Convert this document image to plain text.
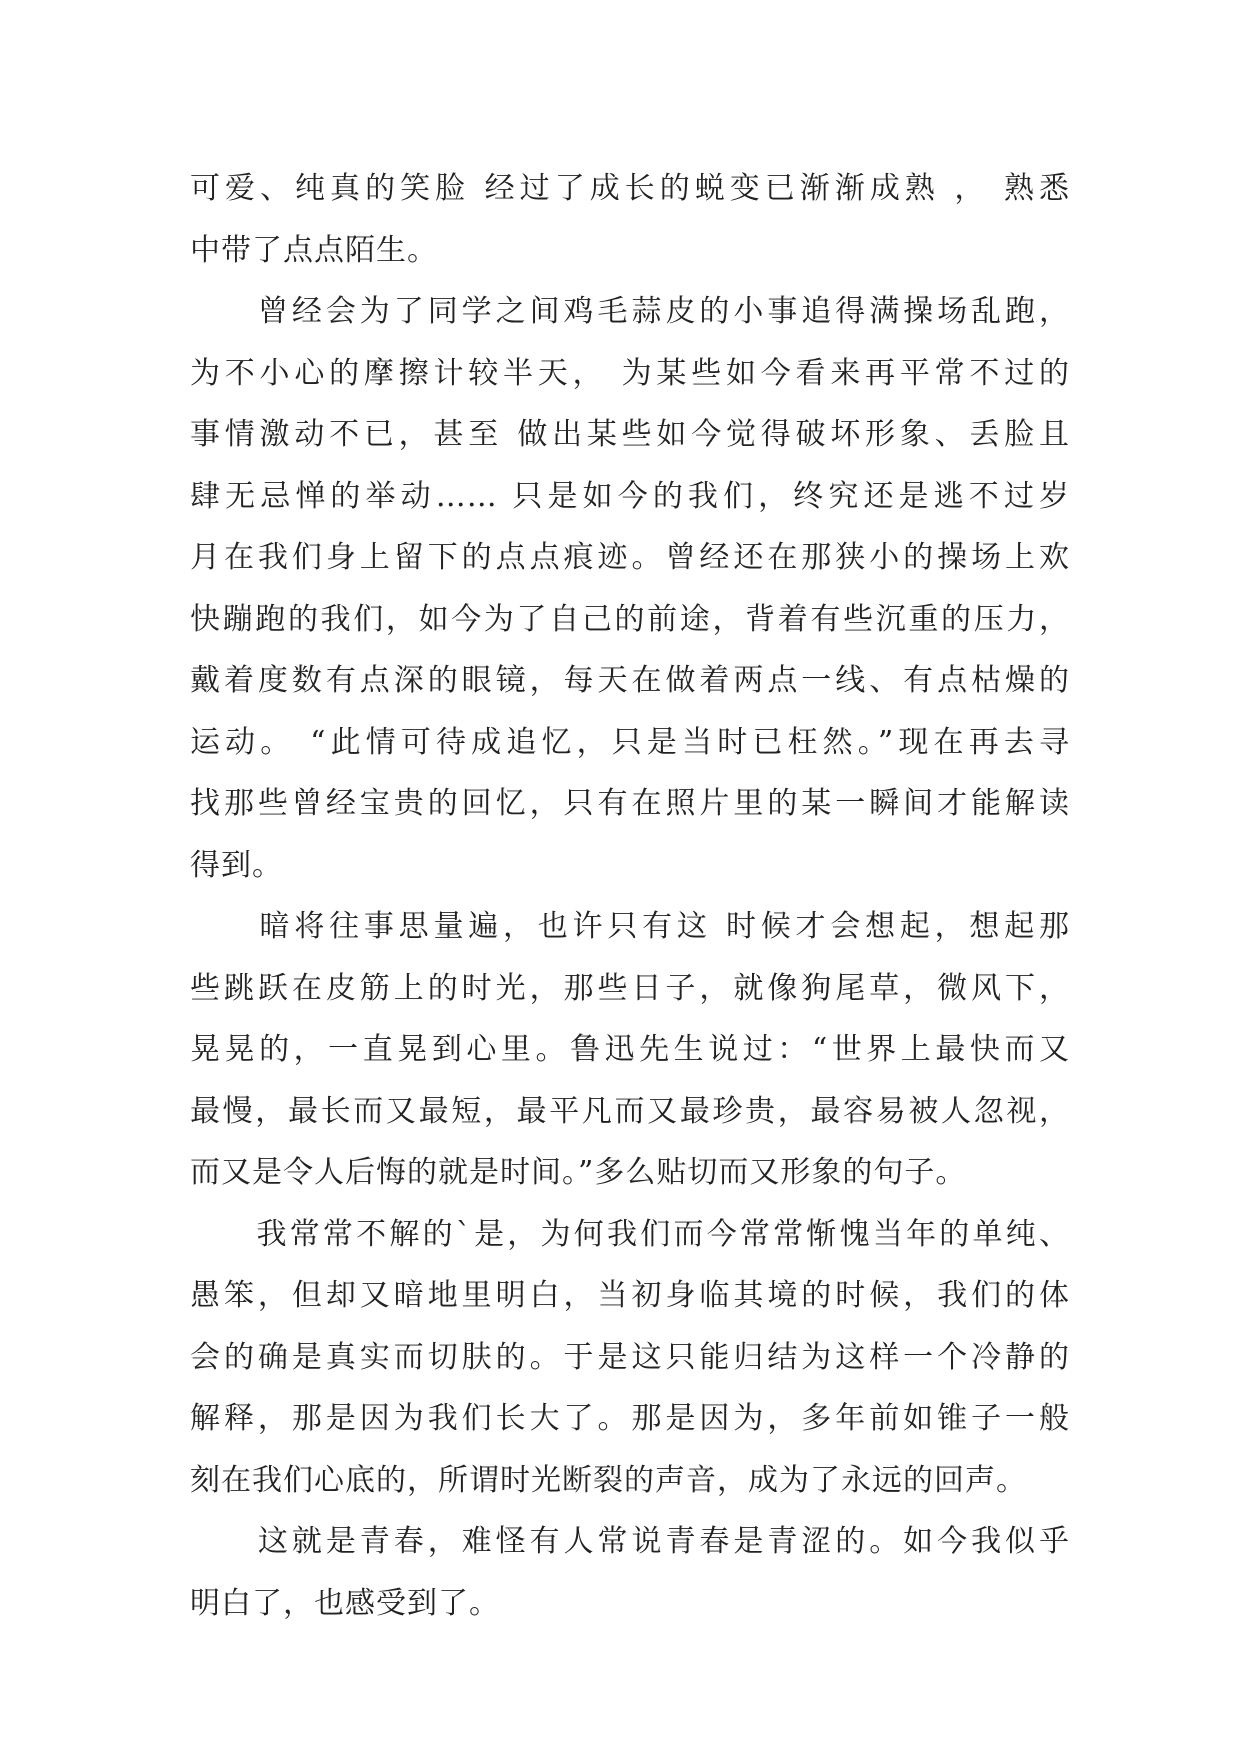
可爱、纯真的笑脸 经过了成长的蜕变已渐渐成熟 ， 熟悉
中带了点点陌生。
　　曾经会为了同学之间鸡毛蒜皮的小事追得满操场乱跑，
为不小心的摩擦计较半天， 为某些如今看来再平常不过的
事情激动不已，甚至 做出某些如今觉得破坏形象、丢脸且
肆无忌惮的举动…… 只是如今的我们，终究还是逃不过岁
月在我们身上留下的点点痕迹。曾经还在那狭小的操场上欢
快蹦跑的我们，如今为了自己的前途，背着有些沉重的压力，
戴着度数有点深的眼镜，每天在做着两点一线、有点枯燥的
运动。 “此情可待成追忆，只是当时已枉然。”现在再去寻
找那些曾经宝贵的回忆，只有在照片里的某一瞬间才能解读
得到。
　　暗将往事思量遍，也许只有这 时候才会想起，想起那
些跳跃在皮筋上的时光，那些日子，就像狗尾草，微风下，
晃晃的，一直晃到心里。鲁迅先生说过：“世界上最快而又
最慢，最长而又最短，最平凡而又最珍贵，最容易被人忽视，
而又是令人后悔的就是时间。”多么贴切而又形象的句子。
　　我常常不解的`是，为何我们而今常常惭愧当年的单纯、
愚笨，但却又暗地里明白，当初身临其境的时候，我们的体
会的确是真实而切肤的。于是这只能归结为这样一个冷静的
解释，那是因为我们长大了。那是因为，多年前如锥子一般
刻在我们心底的，所谓时光断裂的声音，成为了永远的回声。
　　这就是青春，难怪有人常说青春是青涩的。如今我似乎
明白了，也感受到了。
